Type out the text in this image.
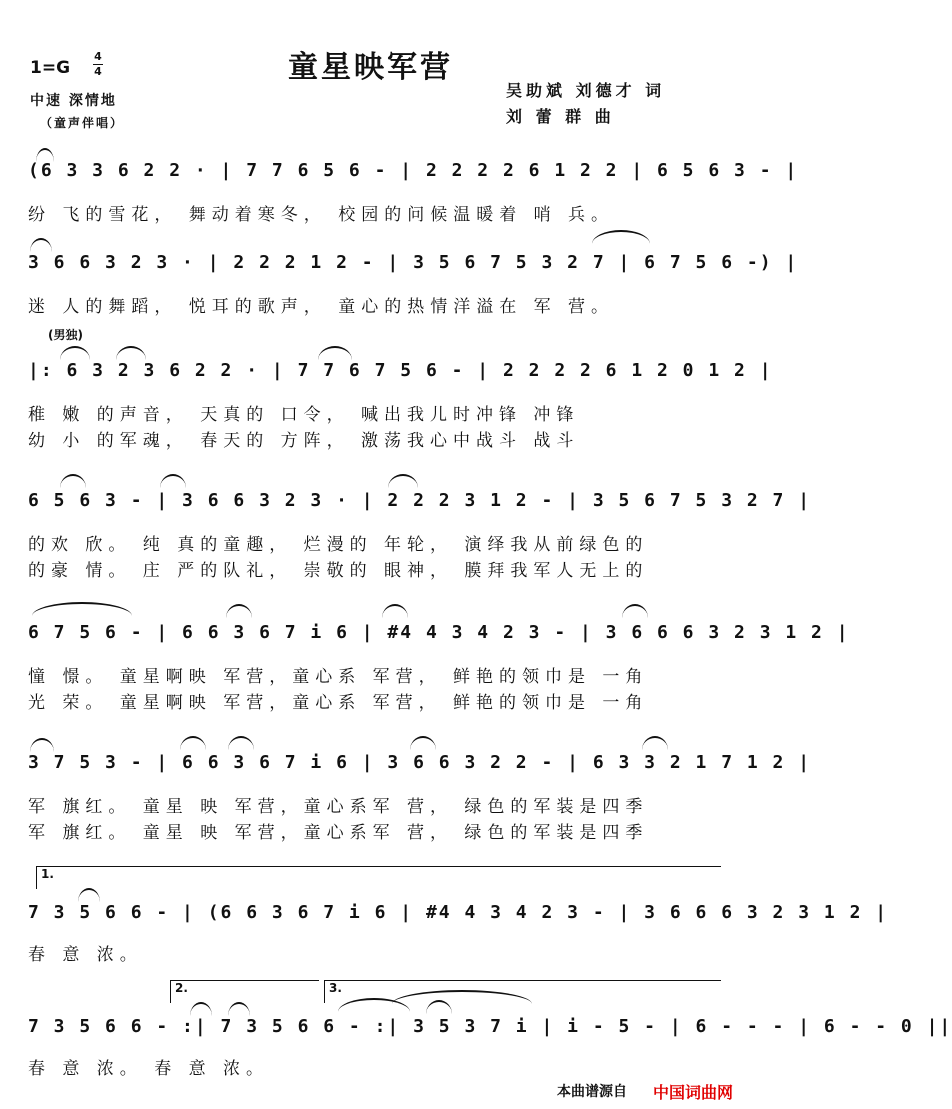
童星映军营
1=G
4
4
中速 深情地
（童声伴唱）
吴助斌 刘德才 词
刘 蕾 群 曲
(男独)
(6 3 3 6 2 2 · | 7 7 6 5 6 - | 2 2 2 2 6 1 2 2 | 6 5 6 3 - |
纷 飞的雪花， 舞动着寒冬， 校园的问候温暖着 哨 兵。
3 6 6 3 2 3 · | 2 2 2 1 2 - | 3 5 6 7 5 3 2 7 | 6 7 5 6 -) |
迷 人的舞蹈， 悦耳的歌声， 童心的热情洋溢在 军 营。
|: 6 3 2 3 6 2 2 · | 7 7 6 7 5 6 - | 2 2 2 2 6 1 2 0 1 2 |
稚 嫩 的声音， 天真的 口令， 喊出我儿时冲锋 冲锋
幼 小 的军魂， 春天的 方阵， 激荡我心中战斗 战斗
6 5 6 3 - | 3 6 6 3 2 3 · | 2 2 2 3 1 2 - | 3 5 6 7 5 3 2 7 |
的欢 欣。 纯 真的童趣， 烂漫的 年轮， 演绎我从前绿色的
的豪 情。 庄 严的队礼， 崇敬的 眼神， 膜拜我军人无上的
6 7 5 6 - | 6 6 3 6 7 i 6 | #4 4 3 4 2 3 - | 3 6 6 6 3 2 3 1 2 |
憧 憬。 童星啊映 军营，童心系 军营， 鲜艳的领巾是 一角
光 荣。 童星啊映 军营，童心系 军营， 鲜艳的领巾是 一角
3 7 5 3 - | 6 6 3 6 7 i 6 | 3 6 6 3 2 2 - | 6 3 3 2 1 7 1 2 |
军 旗红。 童星 映 军营，童心系军 营， 绿色的军装是四季
军 旗红。 童星 映 军营，童心系军 营， 绿色的军装是四季
1.
7 3 5 6 6 - | (6 6 3 6 7 i 6 | #4 4 3 4 2 3 - | 3 6 6 6 3 2 3 1 2 |
春 意 浓。
2.	3.
7 3 5 6 6 - :| 7 3 5 6 6 - :| 3 5 3 7 i | i - 5 - | 6 - - - | 6 - - 0 ||
春 意 浓。 春 意 浓。
本曲谱源自 中国词曲网
